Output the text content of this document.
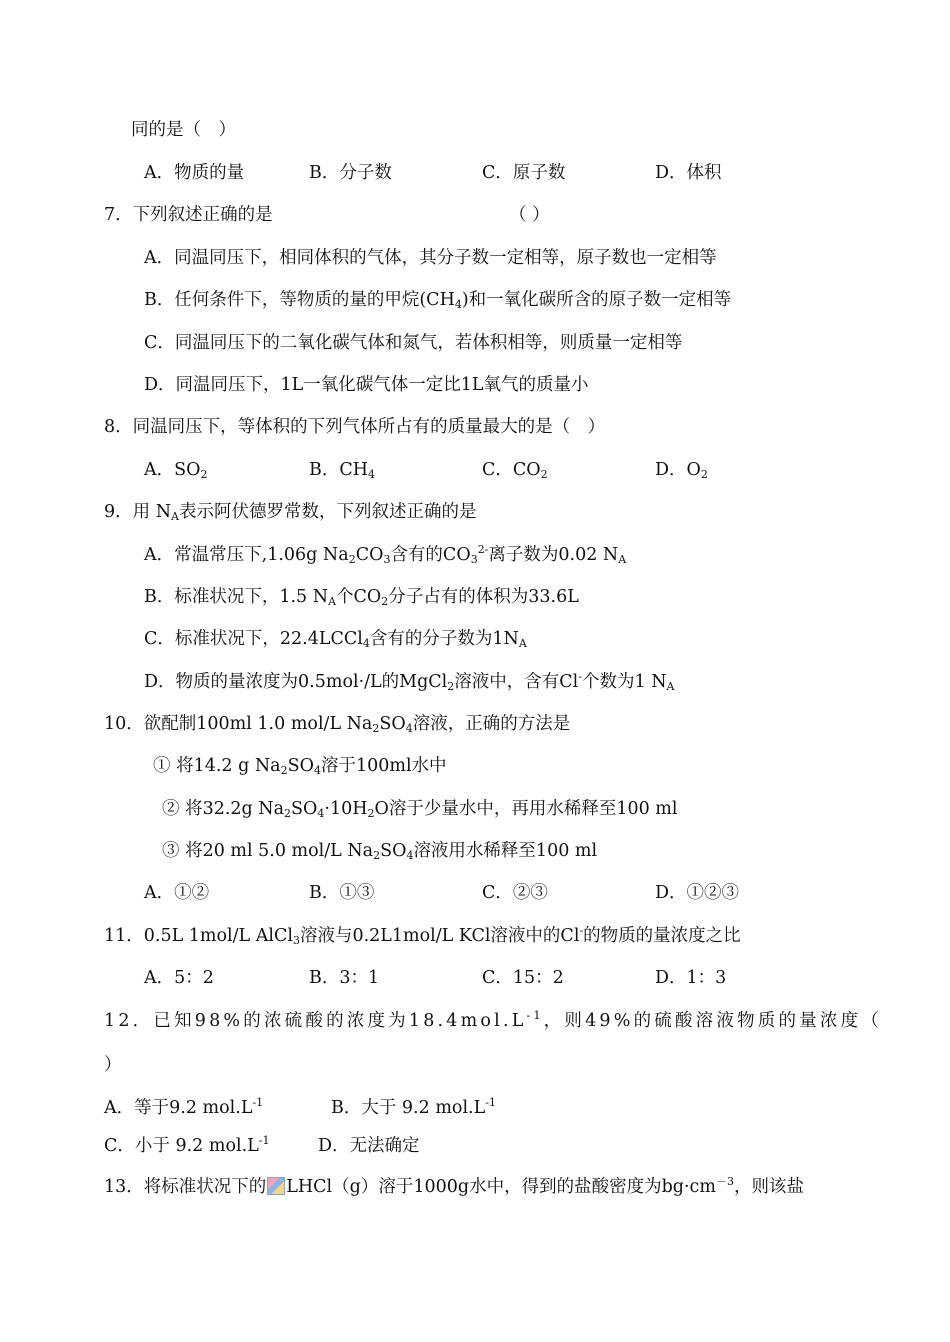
同的是（　）
A．物质的量	B．分子数	C．原子数	D．体积
7．下列叙述正确的是	（ ）
A．同温同压下，相同体积的气体，其分子数一定相等，原子数也一定相等
B．任何条件下，等物质的量的甲烷$(CH_4)$和一氧化碳所含的原子数一定相等
C．同温同压下的二氧化碳气体和氮气，若体积相等，则质量一定相等
D．同温同压下，1L一氧化碳气体一定比1L氧气的质量小
8．同温同压下，等体积的下列气体所占有的质量最大的是（　）
A．$SO_2$	B．$CH_4$	C．$CO_2$	D．$O_2$
9．用 $N_A$表示阿伏德罗常数，下列叙述正确的是
A．常温常压下,1.06g $Na_2CO_3$含有的$CO_3^{2-}$离子数为0.02 $N_A$
B．标准状况下，1.5 $N_A$个$CO_2$分子占有的体积为33.6L
C．标准状况下，22.4LCCl$_4$含有的分子数为$1N_A$
D．物质的量浓度为0.5mol·/L的MgCl$_2$溶液中，含有Cl-个数为1 $N_A$
10．欲配制100ml 1.0 mol/L $Na_2SO_4$溶液，正确的方法是
① 将14.2 g $Na_2SO_4$溶于100ml水中
② 将32.2g $Na_2SO_4\cdot 10H_2O$溶于少量水中，再用水稀释至100 ml
③ 将20 ml 5.0 mol/L $Na_2SO_4$溶液用水稀释至100 ml
A．①②	B．①③	C．②③	D．①②③
11．0.5L 1mol/L AlCl$_3$溶液与0.2L1mol/L KCl溶液中的Cl-的物质的量浓度之比
A．5：2	B．3：1	C．15：2	D．1：3
12．已知98%的浓硫酸的浓度为$18.4mol.L^{-1}$，则49%的硫酸溶液物质的量浓度（
）
A．等于9.2 $mol.L^{-1}$	B．大于 9.2 $mol.L^{-1}$
C．小于 9.2 $mol.L^{-1}$	D．无法确定
13．将标准状况下的 LHCl（g）溶于1000g水中，得到的盐酸密度为$bg\cdot cm^{-3}$，则该盐
